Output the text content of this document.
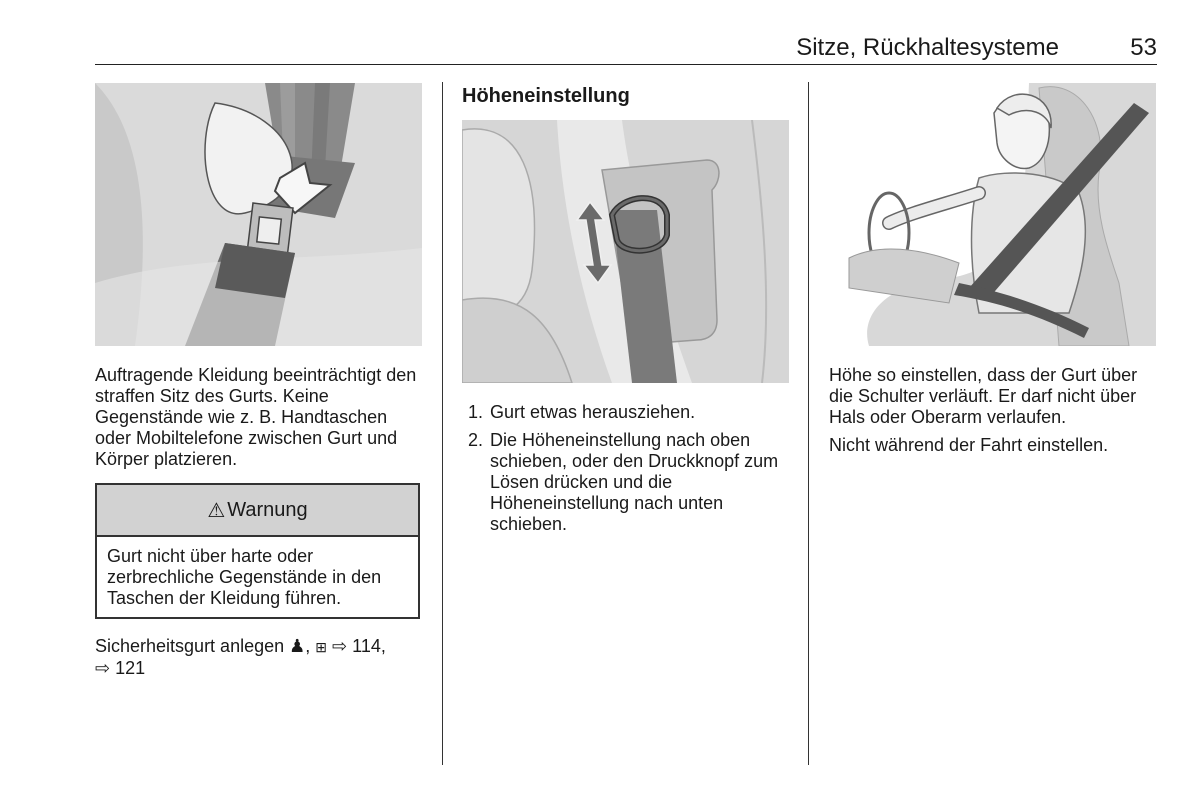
Sitze, Rückhaltesysteme	53

Auftragende Kleidung beeinträchtigt den straffen Sitz des Gurts. Keine Gegenstände wie z. B. Handtaschen oder Mobiltelefone zwischen Gurt und Körper platzieren.

⚠ Warnung
Gurt nicht über harte oder zerbrechliche Gegenstände in den Taschen der Kleidung führen.

Sicherheitsgurt anlegen ♟, ⊞ ⇨ 114,
⇨ 121

Höheneinstellung
1. Gurt etwas herausziehen.
2. Die Höheneinstellung nach oben schieben, oder den Druckknopf zum Lösen drücken und die Höheneinstellung nach unten schieben.

Höhe so einstellen, dass der Gurt über die Schulter verläuft. Er darf nicht über Hals oder Oberarm verlaufen.

Nicht während der Fahrt einstellen.
